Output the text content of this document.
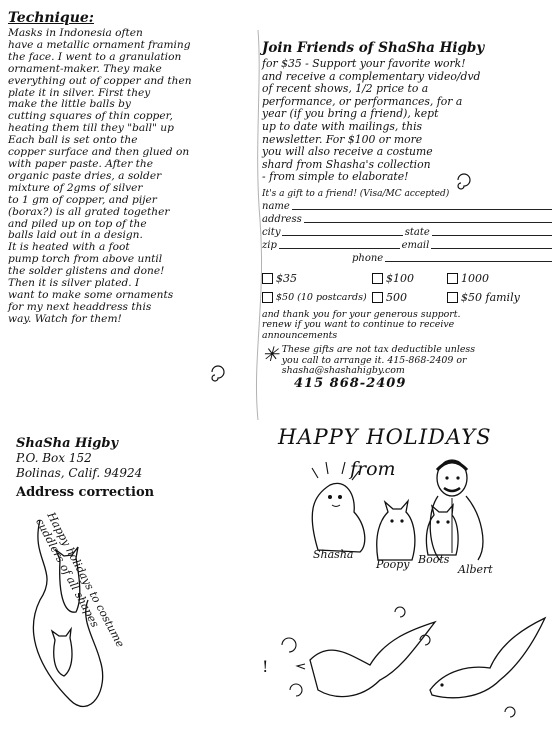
!
Technique:
Masks in Indonesia often
have a metallic ornament framing
the face. I went to a granulation
ornament-maker. They make
everything out of copper and then
plate it in silver. First they
make the little balls by
cutting squares of thin copper,
heating them till they "ball" up
Each ball is set onto the
copper surface and then glued on
with paper paste. After the
organic paste dries, a solder
mixture of 2gms of silver
to 1 gm of copper, and pijer
(borax?) is all grated together
and piled up on top of the
balls laid out in a design.
It is heated with a foot
pump torch from above until
the solder glistens and done!
Then it is silver plated. I
want to make some ornaments
for my next headdress this
way. Watch for them!
Join Friends of ShaSha Higby
for $35 - Support your favorite work!
and receive a complementary video/dvd
of recent shows, 1/2 price to a
performance, or performances, for a
year (if you bring a friend), kept
up to date with mailings, this
newsletter. For $100 or more
you will also receive a costume
shard from Shasha's collection
- from simple to elaborate!
It's a gift to a friend! (Visa/MC accepted)
name
address
city	state
zip	email
phone
$35	$100	1000
$50 (10 postcards) 500	$50 family
and thank you for your generous support.
renew if you want to continue to receive
announcements
✳ These gifts are not tax deductible unless
you call to arrange it. 415-868-2409 or
shasha@shashahigby.com
415 868-2409
ShaSha Higby
P.O. Box 152
Bolinas, Calif. 94924
Address correction
HAPPY HOLIDAYS
from
Shasha
Poopy Boots
Albert
Happy holidays to costume cuddlers of all shapes
